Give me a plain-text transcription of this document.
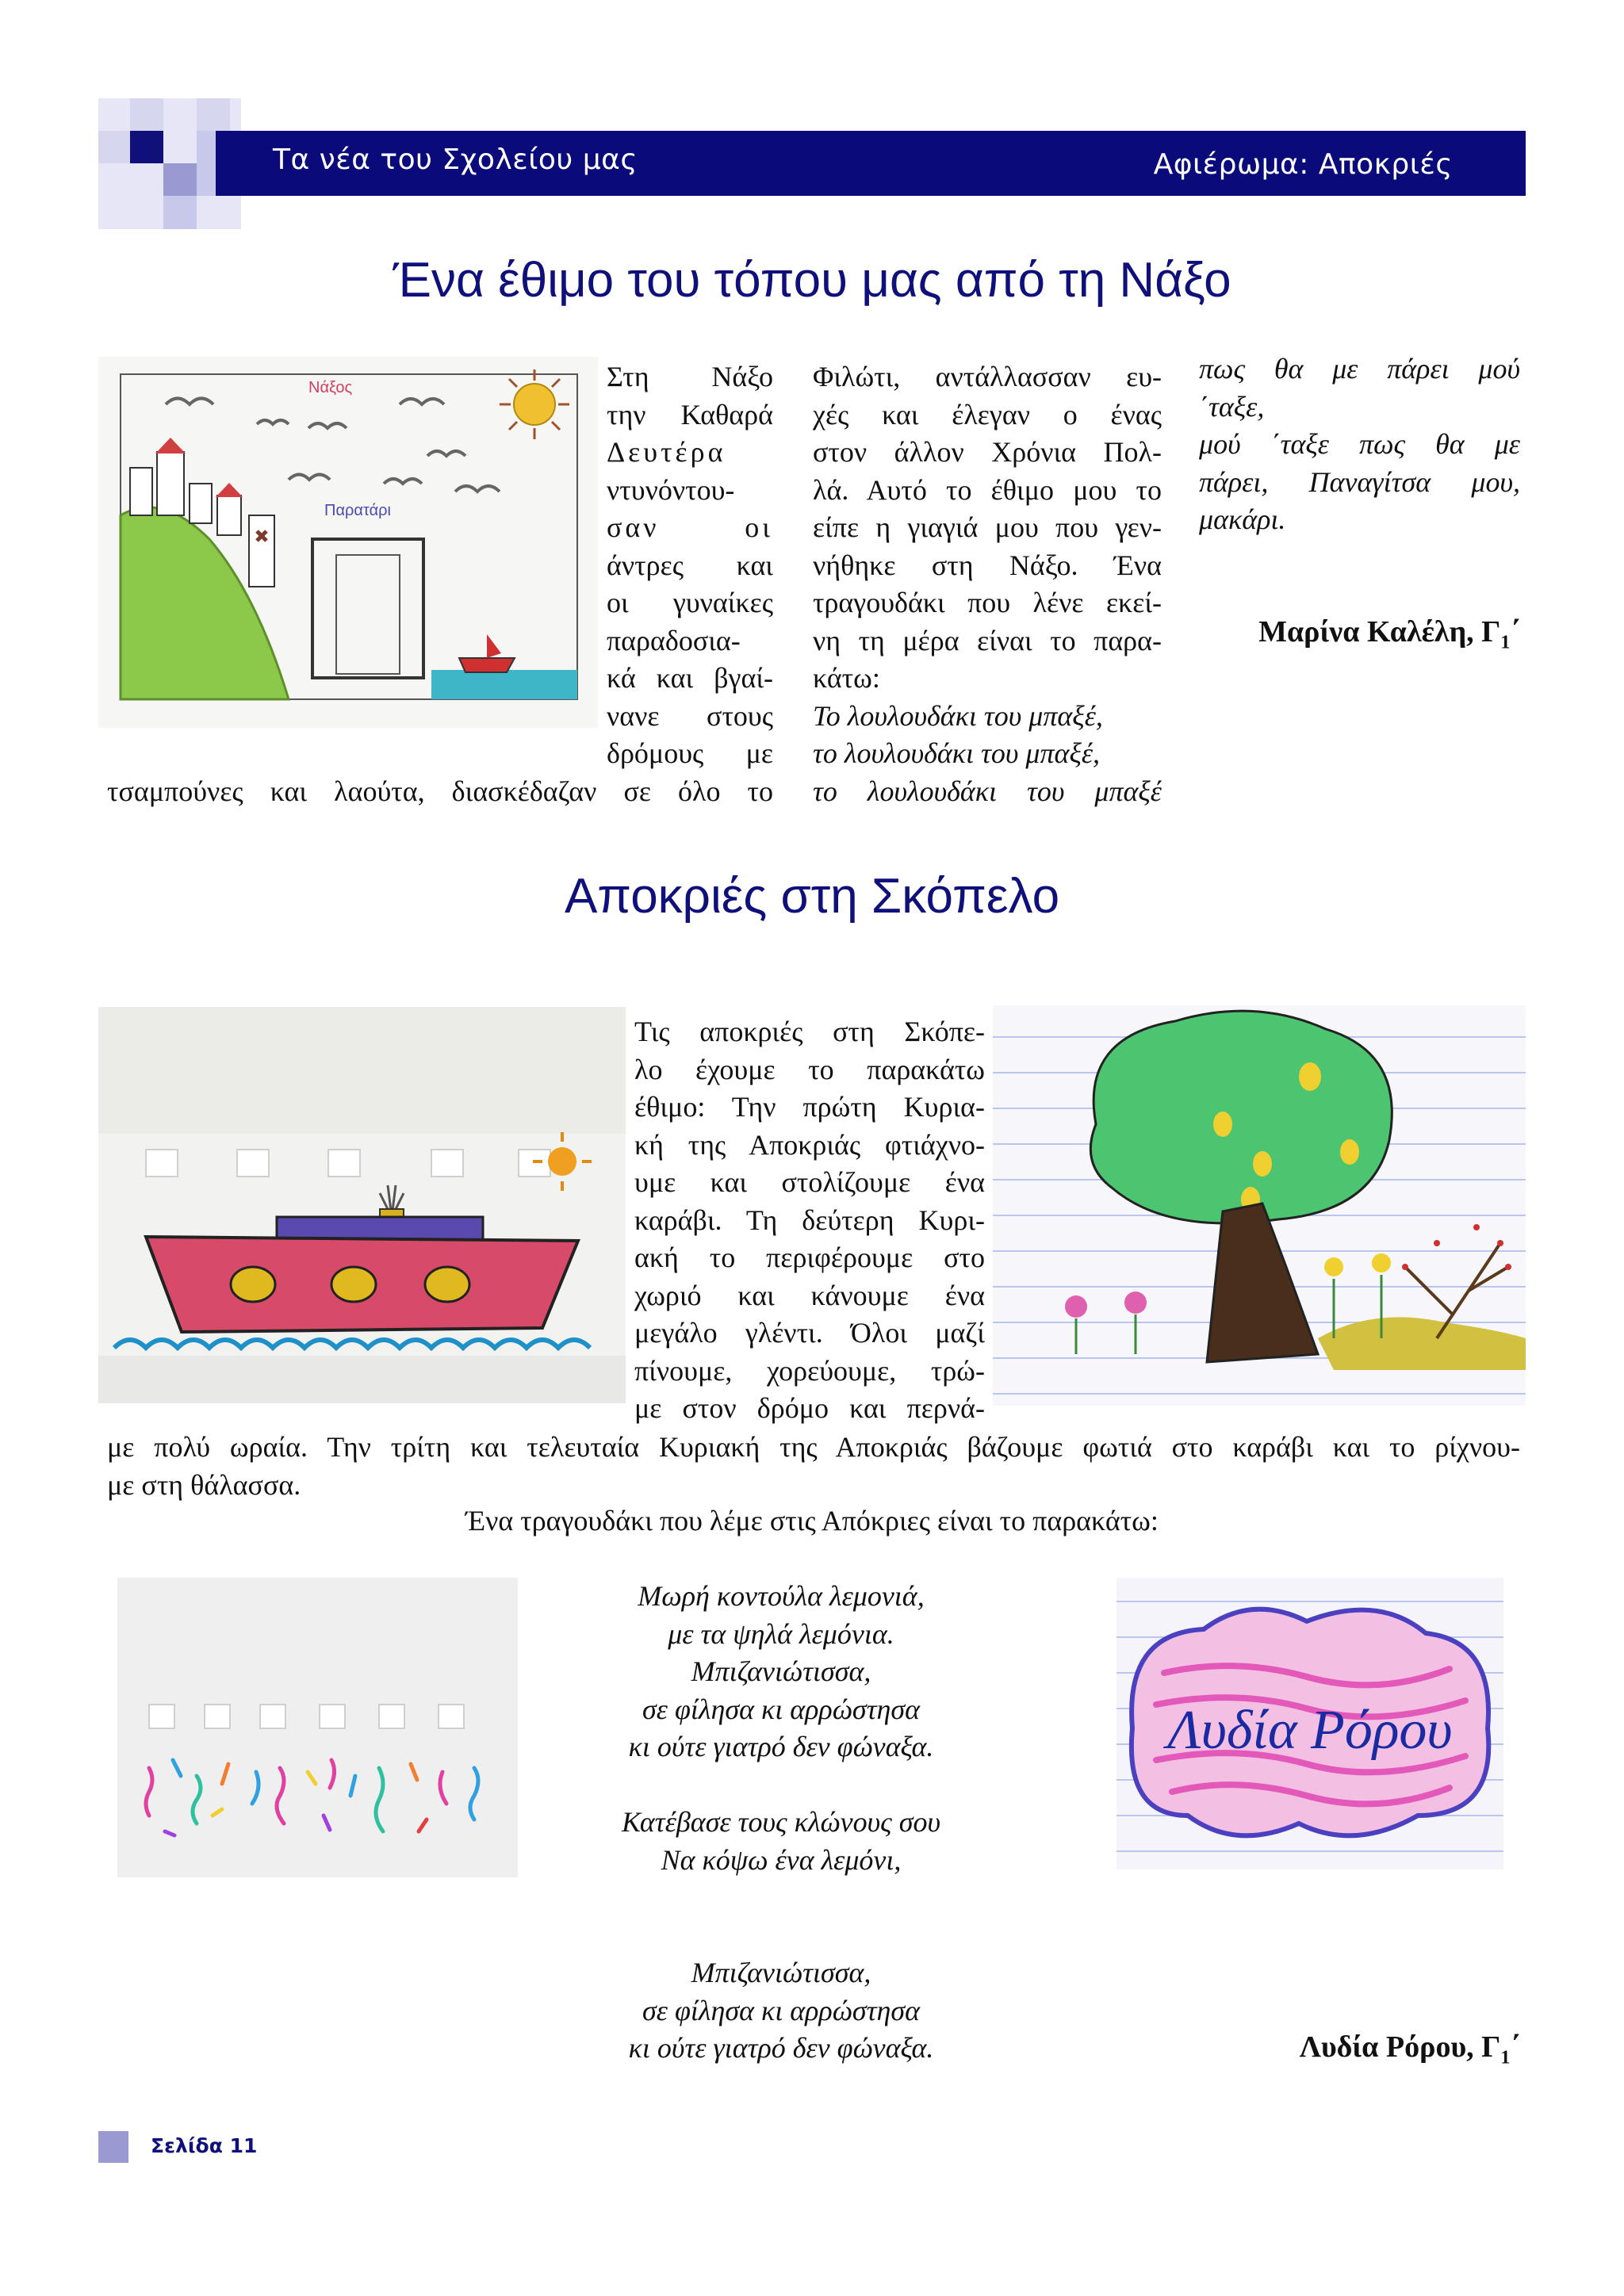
Τα νέα του Σχολείου μας	Αφιέρωμα: Αποκριές
Ένα έθιμο του τόπου μας από τη Νάξο
Παρατάρι
Νάξος	Στη Νάξο

την Καθαρά

Δευτέρα

ντυνόντου-

σαν οι

άντρες και

οι γυναίκες

παραδοσια-

κά και βγαί-

νανε στους

δρόμους με

τσαμπούνες και λαούτα, διασκέδαζαν σε όλο το

Φιλώτι, αντάλλασσαν ευ-

χές και έλεγαν ο ένας

στον άλλον Χρόνια Πολ-

λά. Αυτό το έθιμο μου το

είπε η γιαγιά μου που γεν-

νήθηκε στη Νάξο. Ένα

τραγουδάκι που λένε εκεί-

νη τη μέρα είναι το παρα-

κάτω:

Το λουλουδάκι του μπαξέ,

το λουλουδάκι του μπαξέ,

το λουλουδάκι του μπαξέ

πως θα με πάρει μού

΄ταξε,

μού ΄ταξε πως θα με

πάρει, Παναγίτσα μου,

μακάρι.

Μαρίνα Καλέλη, $\Gamma_1΄$
Αποκριές στη Σκόπελο

Τις αποκριές στη Σκόπε-

λο έχουμε το παρακάτω

έθιμο: Την πρώτη Κυρια-

κή της Αποκριάς φτιάχνο-

υμε και στολίζουμε ένα

καράβι. Τη δεύτερη Κυρι-

ακή το περιφέρουμε στο

χωριό και κάνουμε ένα

μεγάλο γλέντι. Όλοι μαζί

πίνουμε, χορεύουμε, τρώ-

με στον δρόμο και περνά-

με πολύ ωραία. Την τρίτη και τελευταία Κυριακή της Αποκριάς βάζουμε φωτιά στο καράβι και το ρίχνου-

με στη θάλασσα.

Ένα τραγουδάκι που λέμε στις Απόκριες είναι το παρακάτω:

Μωρή κοντούλα λεμονιά,

με τα ψηλά λεμόνια.

Μπιζανιώτισσα,

σε φίλησα κι αρρώστησα

κι ούτε γιατρό δεν φώναξα.

Κατέβασε τους κλώνους σου

Να κόψω ένα λεμόνι,

Μπιζανιώτισσα,

σε φίλησα κι αρρώστησα

κι ούτε γιατρό δεν φώναξα.

Λυδία Ρόρου
Λυδία Ρόρου, $\Gamma_1΄$
Σελίδα 11
